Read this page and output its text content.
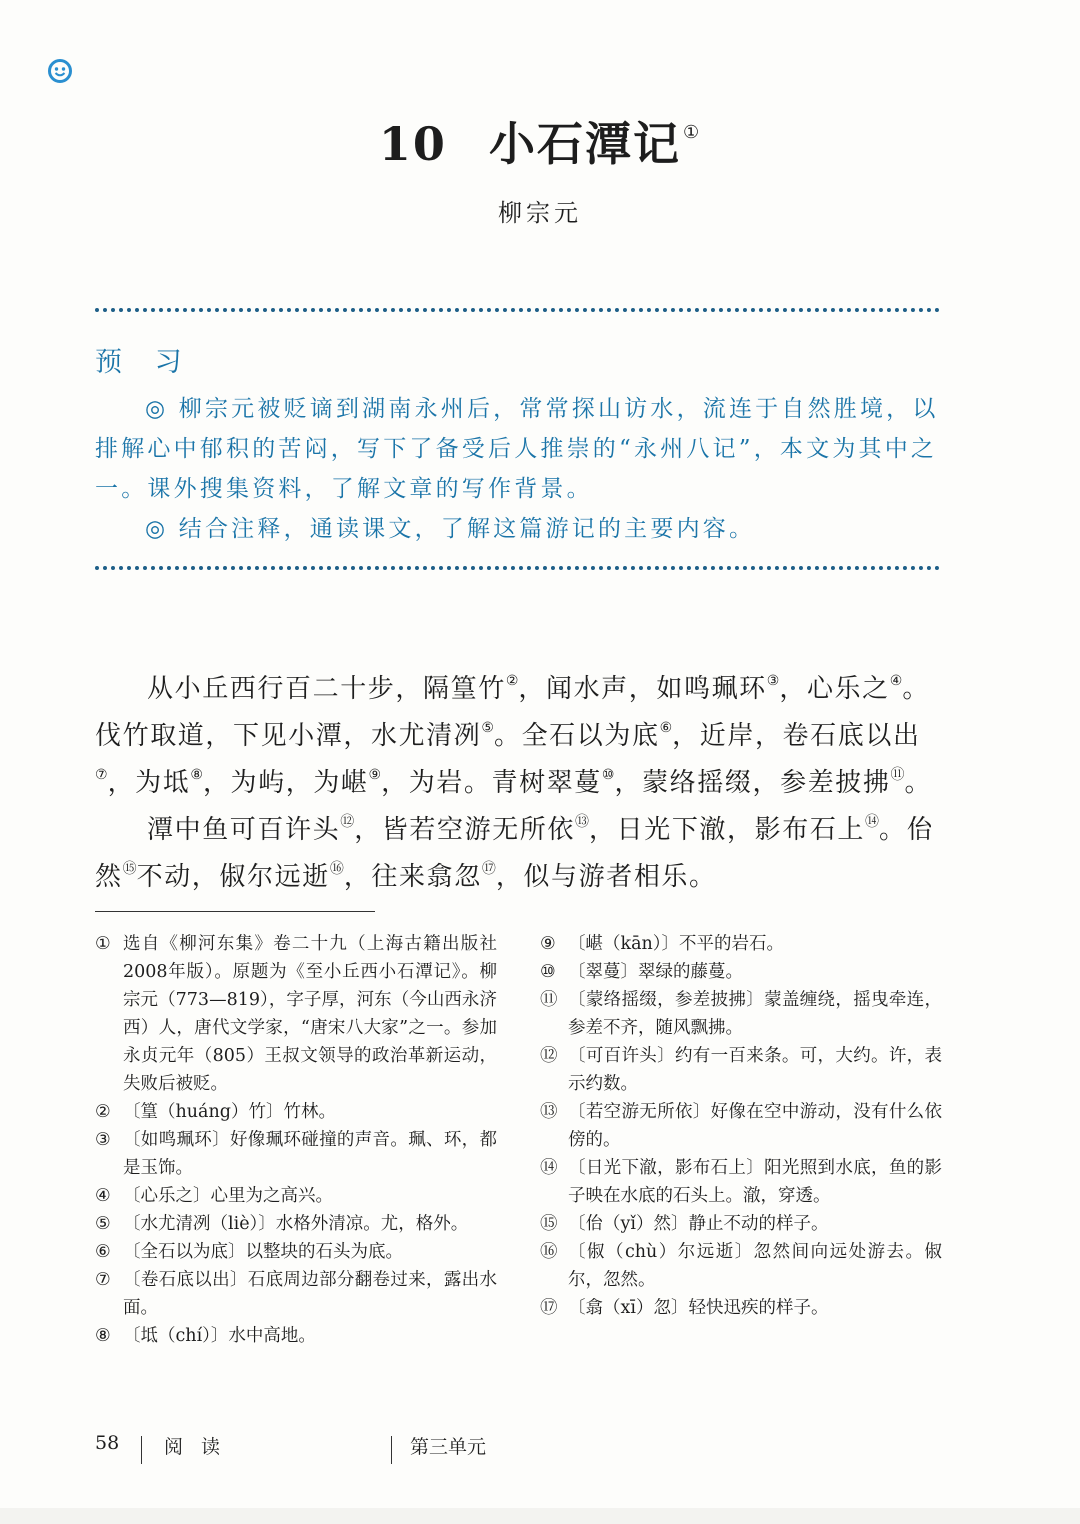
10 小石潭记 ①
柳宗元
预 习

◎ 柳宗元被贬谪到湖南永州后，常常探山访水，流连于自然胜境，以排解心中郁积的苦闷，写下了备受后人推崇的“永州八记”，本文为其中之一。课外搜集资料，了解文章的写作背景。

◎ 结合注释，通读课文，了解这篇游记的主要内容。

从小丘西行百二十步，隔篁竹②，闻水声，如鸣珮环③，心乐之④。伐竹取道，下见小潭，水尤清冽⑤。全石以为底⑥，近岸，卷石底以出⑦，为坻⑧，为屿，为嵁⑨，为岩。青树翠蔓⑩，蒙络摇缀，参差披拂⑪。

潭中鱼可百许头⑫，皆若空游无所依⑬，日光下澈，影布石上⑭。佁然⑮不动，俶尔远逝⑯，往来翕忽⑰，似与游者相乐。

① 选自《柳河东集》卷二十九（上海古籍出版社2008年版）。原题为《至小丘西小石潭记》。柳宗元（773—819），字子厚，河东（今山西永济西）人，唐代文学家，“唐宋八大家”之一。参加永贞元年（805）王叔文领导的政治革新运动，失败后被贬。
② 〔篁（huáng）竹〕竹林。
③ 〔如鸣珮环〕好像珮环碰撞的声音。珮、环，都是玉饰。
④ 〔心乐之〕心里为之高兴。
⑤ 〔水尤清冽（liè）〕水格外清凉。尤，格外。
⑥ 〔全石以为底〕以整块的石头为底。
⑦ 〔卷石底以出〕石底周边部分翻卷过来，露出水面。
⑧ 〔坻（chí）〕水中高地。
⑨ 〔嵁（kān）〕不平的岩石。
⑩ 〔翠蔓〕翠绿的藤蔓。
⑪ 〔蒙络摇缀，参差披拂〕蒙盖缠绕，摇曳牵连，参差不齐，随风飘拂。
⑫ 〔可百许头〕约有一百来条。可，大约。许，表示约数。
⑬ 〔若空游无所依〕好像在空中游动，没有什么依傍的。
⑭ 〔日光下澈，影布石上〕阳光照到水底，鱼的影子映在水底的石头上。澈，穿透。
⑮ 〔佁（yǐ）然〕静止不动的样子。
⑯ 〔俶（chù）尔远逝〕忽然间向远处游去。俶尔，忽然。
⑰ 〔翕（xī）忽〕轻快迅疾的样子。
58 阅 读	第三单元
